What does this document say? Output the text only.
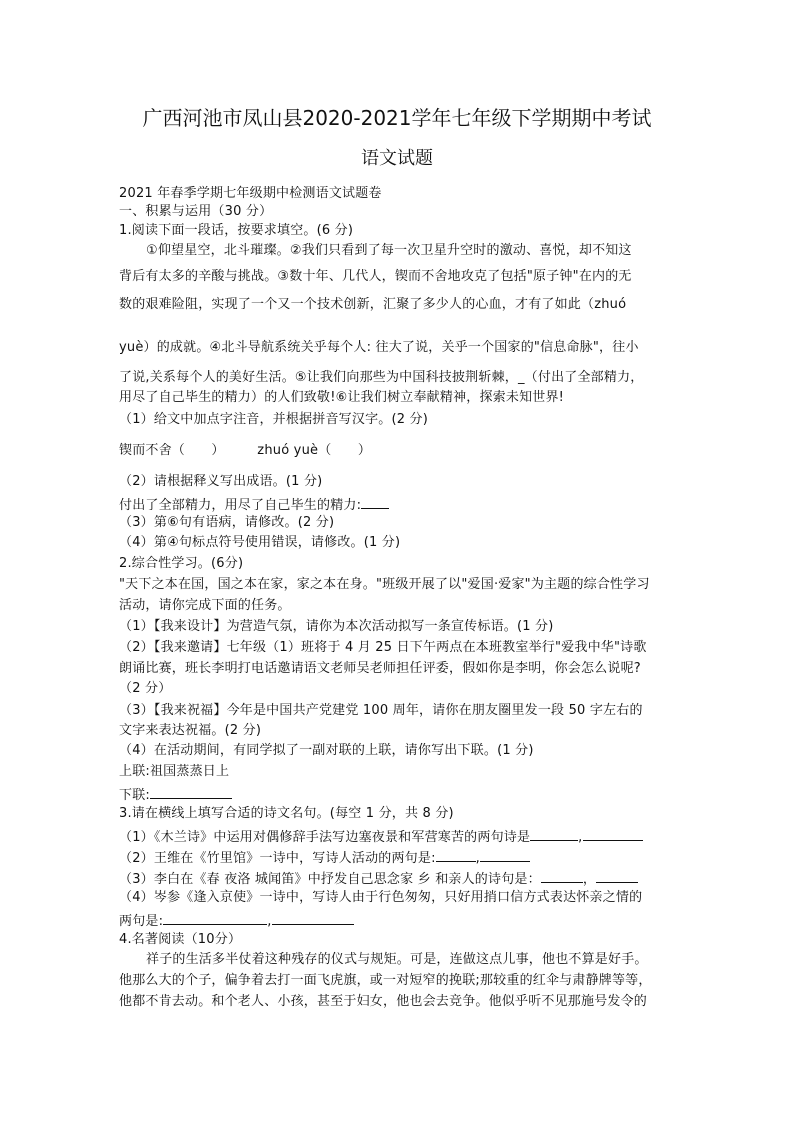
广西河池市凤山县2020-2021学年七年级下学期期中考试
语文试题
2021 年春季学期七年级期中检测语文试题卷
一、积累与运用（30 分）
1.阅读下面一段话，按要求填空。(6 分)
①仰望星空，北斗璀璨。②我们只看到了每一次卫星升空时的激动、喜悦，却不知这
背后有太多的辛酸与挑战。③数十年、几代人，锲而不舍地攻克了包括"原子钟"在内的无
数的艰难险阻，实现了一个又一个技术创新，汇聚了多少人的心血，才有了如此（zhuó
yuè）的成就。④北斗导航系统关乎每个人: 往大了说，关乎一个国家的"信息命脉"，往小
了说,关系每个人的美好生活。⑤让我们向那些为中国科技披荆斩棘，_（付出了全部精力，
用尽了自己毕生的精力）的人们致敬!⑥让我们树立奉献精神，探索未知世界!
（1）给文中加点字注音，并根据拼音写汉字。(2 分)
锲而不舍（　　）	zhuó yuè（　　）
（2）请根据释义写出成语。(1 分)
付出了全部精力，用尽了自己毕生的精力:
（3）第⑥句有语病，请修改。(2 分)
（4）第④句标点符号使用错误，请修改。(1 分)
2.综合性学习。(6分)
"天下之本在国，国之本在家，家之本在身。"班级开展了以"爱国·爱家"为主题的综合性学习
活动，请你完成下面的任务。
（1）【我来设计】为营造气氛，请你为本次活动拟写一条宣传标语。(1 分)
（2）【我来邀请】七年级（1）班将于 4 月 25 日下午两点在本班教室举行"爱我中华"诗歌
朗诵比赛，班长李明打电话邀请语文老师吴老师担任评委，假如你是李明，你会怎么说呢?
（2 分）
（3）【我来祝福】今年是中国共产党建党 100 周年，请你在朋友圈里发一段 50 字左右的
文字来表达祝福。(2 分)
（4）在活动期间，有同学拟了一副对联的上联，请你写出下联。(1 分)
上联:祖国蒸蒸日上
下联:
3.请在横线上填写合适的诗文名句。(每空 1 分，共 8 分)
（1）《木兰诗》中运用对偶修辞手法写边塞夜景和军营寒苦的两句诗是	,
（2）王维在《竹里馆》一诗中，写诗人活动的两句是:	,
（3）李白在《春 夜洛 城闻笛》中抒发自己思念家 乡 和亲人的诗句是：	，
（4）岑参《逢入京使》一诗中，写诗人由于行色匆匆，只好用捎口信方式表达怀亲之情的
两句是:	,
4.名著阅读（10分）
祥子的生活多半仗着这种残存的仪式与规矩。可是，连做这点儿事，他也不算是好手。
他那么大的个子，偏争着去打一面飞虎旗，或一对短窄的挽联;那较重的红伞与肃静牌等等，
他都不肯去动。和个老人、小孩，甚至于妇女，他也会去竞争。他似乎听不见那施号发令的
